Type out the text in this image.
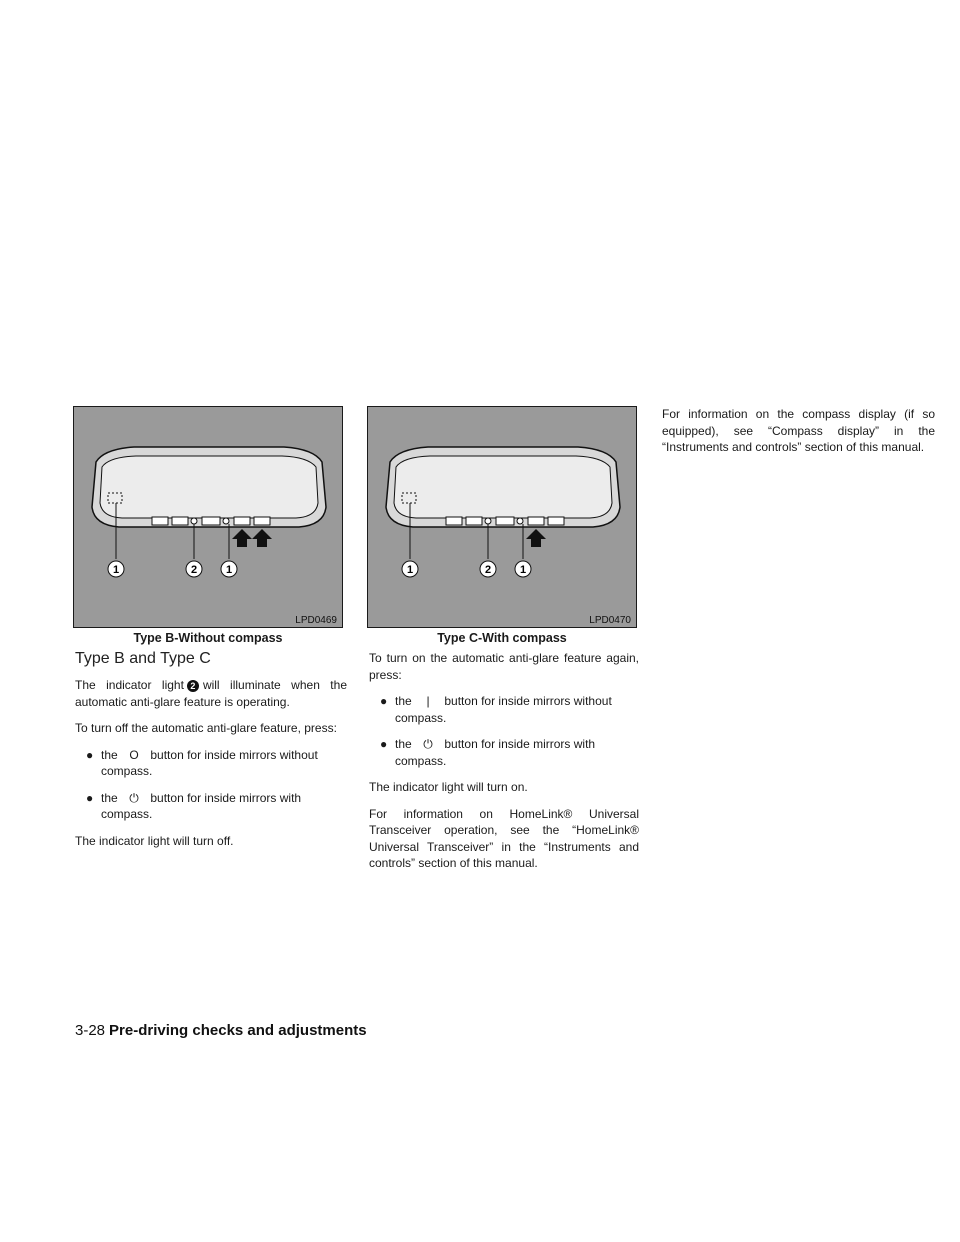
1	2	1
LPD0469
Type B-Without compass
1	2	1
LPD0470
Type C-With compass
Type B and Type C

The indicator light 2 will illuminate when the automatic anti-glare feature is operating.

To turn off the automatic anti-glare feature, press:

● the O button for inside mirrors without compass.
● the ⏻ button for inside mirrors with compass.

The indicator light will turn off.

To turn on the automatic anti-glare feature again, press:

● the | button for inside mirrors without compass.
● the ⏻ button for inside mirrors with compass.

The indicator light will turn on.

For information on HomeLink® Universal Transceiver operation, see the “HomeLink® Universal Transceiver” in the “Instruments and controls” section of this manual.

For information on the compass display (if so equipped), see “Compass display” in the “Instruments and controls” section of this manual.

3-28 Pre-driving checks and adjustments
